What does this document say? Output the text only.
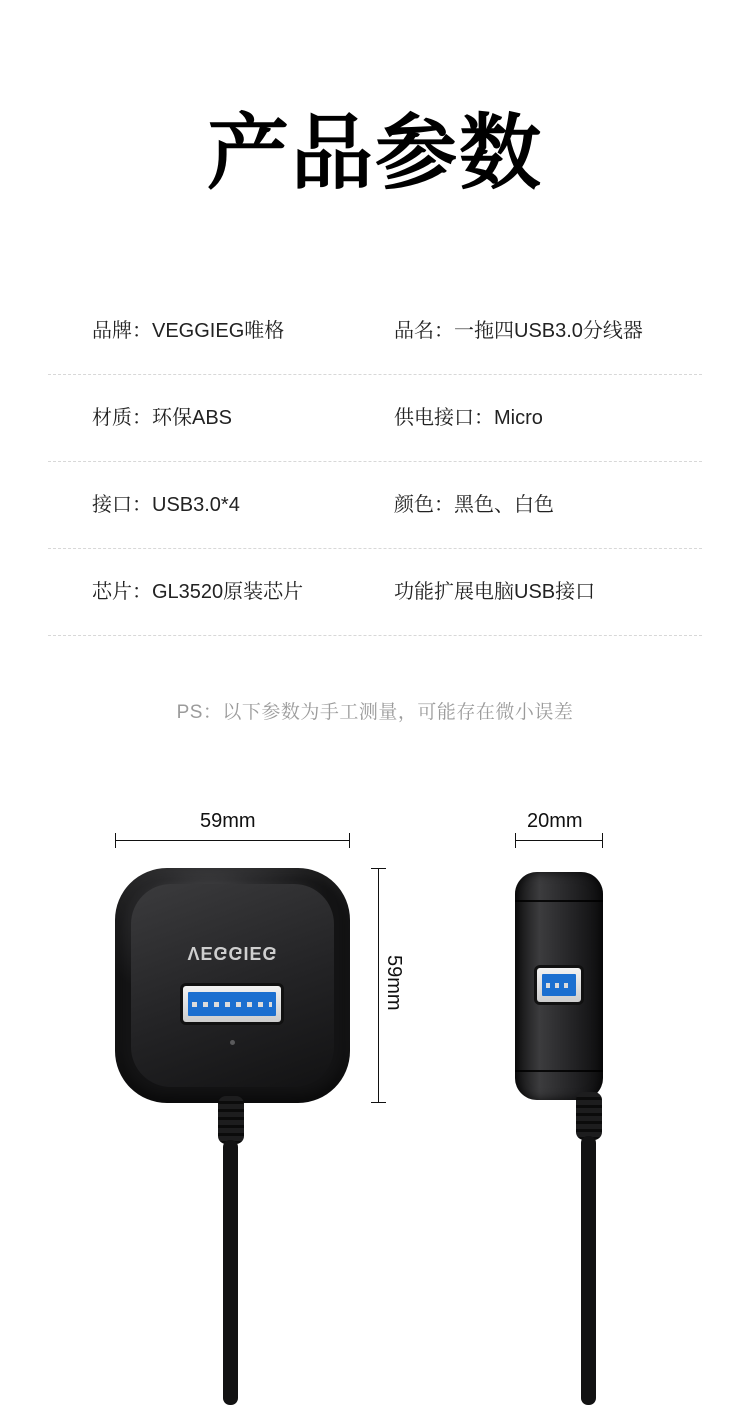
产品参数
品牌：VEGGIEG唯格	品名：一拖四USB3.0分线器
材质：环保ABS	供电接口：Micro
接口：USB3.0*4	颜色：黑色、白色
芯片：GL3520原装芯片	功能扩展电脑USB接口
PS：以下参数为手工测量，可能存在微小误差
59mm
59mm
20mm
VEGGIEG
